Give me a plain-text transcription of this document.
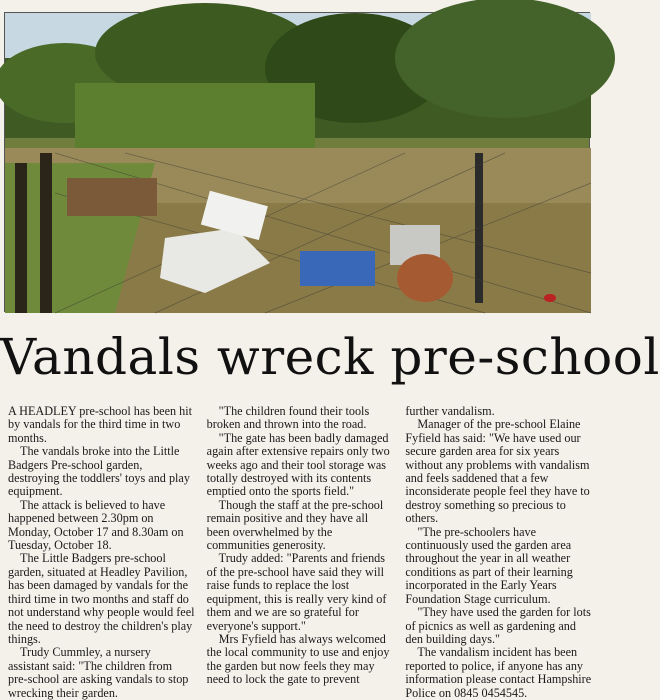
Vandals wreck pre-school

A HEADLEY pre-school has been hit by vandals for the third time in two months.

The vandals broke into the Little Badgers Pre-school garden, destroying the toddlers' toys and play equipment.

The attack is believed to have happened between 2.30pm on Monday, October 17 and 8.30am on Tuesday, October 18.

The Little Badgers pre-school garden, situated at Headley Pavilion, has been damaged by vandals for the third time in two months and staff do not understand why people would feel the need to destroy the children's play things.

Trudy Cummley, a nursery assistant said: "The children from pre-school are asking vandals to stop wrecking their garden.

"The children found their tools broken and thrown into the road.

"The gate has been badly damaged again after extensive repairs only two weeks ago and their tool storage was totally destroyed with its contents emptied onto the sports field."

Though the staff at the pre-school remain positive and they have all been overwhelmed by the communities generosity.

Trudy added: "Parents and friends of the pre-school have said they will raise funds to replace the lost equipment, this is really very kind of them and we are so grateful for everyone's support."

Mrs Fyfield has always welcomed the local community to use and enjoy the garden but now feels they may need to lock the gate to prevent

further vandalism.

Manager of the pre-school Elaine Fyfield has said: "We have used our secure garden area for six years without any problems with vandalism and feels saddened that a few inconsiderate people feel they have to destroy something so precious to others.

"The pre-schoolers have continuously used the garden area throughout the year in all weather conditions as part of their learning incorporated in the Early Years Foundation Stage curriculum.

"They have used the garden for lots of picnics as well as gardening and den building days."

The vandalism incident has been reported to police, if anyone has any information please contact Hampshire Police on 0845 0454545.
